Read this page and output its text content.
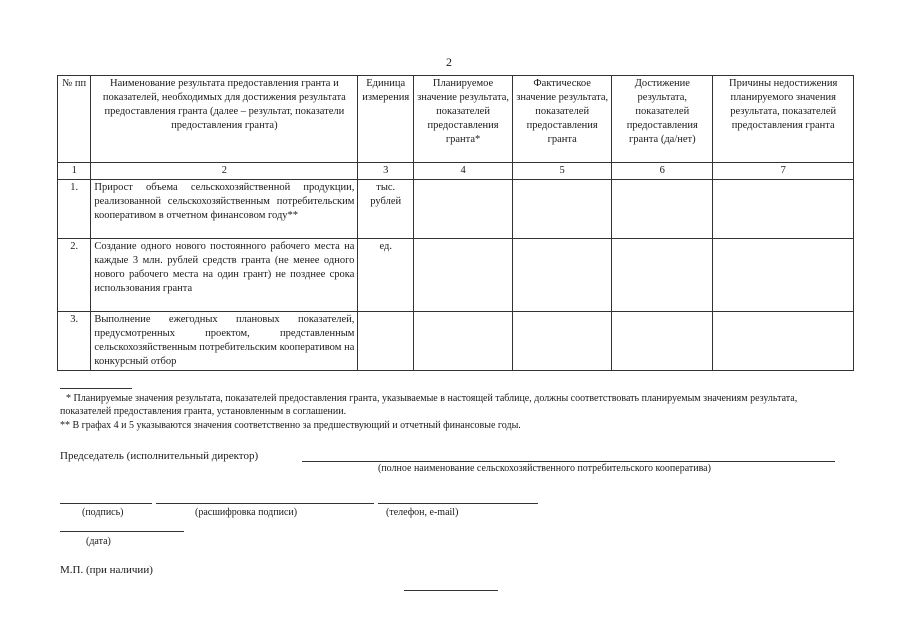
2
№ пп	Наименование результата предоставления гранта и показателей, необходимых для достижения результата предоставления гранта (далее – результат, показатели предоставления гранта)	Единица измерения	Планируемое значение результата, показателей предоставления гранта*	Фактическое значение результата, показателей предоставления гранта	Достижение результата, показателей предоставления гранта (да/нет)	Причины недостижения планируемого значения результата, показателей предоставления гранта
1	2	3	4	5	6	7
1.	Прирост объема сельскохозяйственной продукции, реализованной сельскохозяйственным потребительским кооперативом в отчетном финансовом году**	тыс. рублей				
2.	Создание одного нового постоянного рабочего места на каждые 3 млн. рублей средств гранта (не менее одного нового рабочего места на один грант) не позднее срока использования гранта	ед.				
3.	Выполнение ежегодных плановых показателей, предусмотренных проектом, представленным сельскохозяйственным потребительским кооперативом на конкурсный отбор					
* Планируемые значения результата, показателей предоставления гранта, указываемые в настоящей таблице, должны соответствовать планируемым значениям результата, показателей предоставления гранта, установленным в соглашении.
** В графах 4 и 5 указываются значения соответственно за предшествующий и отчетный финансовые годы.
Председатель (исполнительный директор)
(полное наименование сельскохозяйственного потребительского кооператива)
(подпись)	(расшифровка подписи)	(телефон, e-mail)
(дата)
М.П. (при наличии)
